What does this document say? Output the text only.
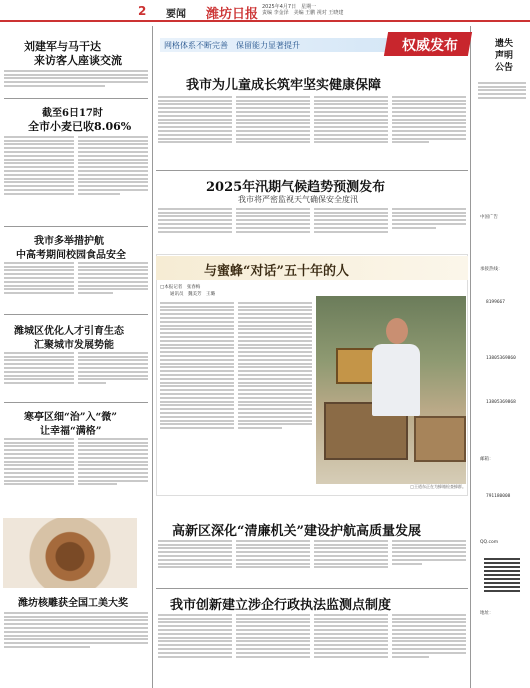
2 要闻 潍坊日报 2025年4月7日　星期一
责编 李金泽　美编 王鹏 视对 王晓建
刘建军与马干达
来访客人座谈交流
截至6日17时
全市小麦已收8.06%
我市多举措护航
中高考期间校园食品安全
潍城区优化人才引育生态
汇聚城市发展势能
寒亭区细“治”入“微”
让幸福“满格”
潍坊核雕获全国工美大奖
网格体系不断完善　保留能力显著提升	权威发布
我市为儿童成长筑牢坚实健康保障
2025年汛期气候趋势预测发布
我市将严密监视天气确保安全度汛
与蜜蜂“对话”五十年的人
□本报记者　张春梅
通讯员　魏美芳　王璐
□王道东正在为蜂箱检查蜂群。
高新区深化“清廉机关”建设护航高质量发展
我市创新建立涉企行政执法监测点制度
遗失
声明
公告
中国广告
承接热线：
8199667
13805369860
13805369868
邮箱：
791180008
QQ.com
地址：
